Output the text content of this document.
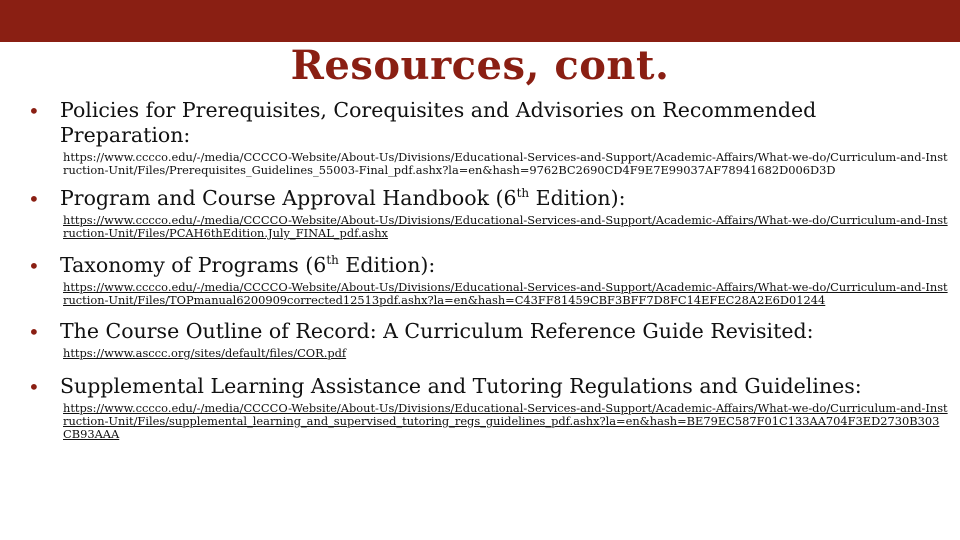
Resources, cont.
• Policies for Prerequisites, Corequisites and Advisories on Recommended Preparation:
https://www.cccco.edu/-/media/CCCCO-Website/About-Us/Divisions/Educational-Services-and-Support/Academic-Affairs/What-we-do/Curriculum-and-Instruction-Unit/Files/Prerequisites_Guidelines_55003-Final_pdf.ashx?la=en&hash=9762BC2690CD4F9E7E99037AF78941682D006D3D
• Program and Course Approval Handbook (6th Edition):
https://www.cccco.edu/-/media/CCCCO-Website/About-Us/Divisions/Educational-Services-and-Support/Academic-Affairs/What-we-do/Curriculum-and-Instruction-Unit/Files/PCAH6thEdition.July_FINAL_pdf.ashx
• Taxonomy of Programs (6th Edition):
https://www.cccco.edu/-/media/CCCCO-Website/About-Us/Divisions/Educational-Services-and-Support/Academic-Affairs/What-we-do/Curriculum-and-Instruction-Unit/Files/TOPmanual6200909corrected12513pdf.ashx?la=en&hash=C43FF81459CBF3BFF7D8FC14EFEC28A2E6D01244
• The Course Outline of Record: A Curriculum Reference Guide Revisited:
https://www.asccc.org/sites/default/files/COR.pdf
• Supplemental Learning Assistance and Tutoring Regulations and Guidelines:
https://www.cccco.edu/-/media/CCCCO-Website/About-Us/Divisions/Educational-Services-and-Support/Academic-Affairs/What-we-do/Curriculum-and-Instruction-Unit/Files/supplemental_learning_and_supervised_tutoring_regs_guidelines_pdf.ashx?la=en&hash=BE79EC587F01C133AA704F3ED2730B303CB93AAA
